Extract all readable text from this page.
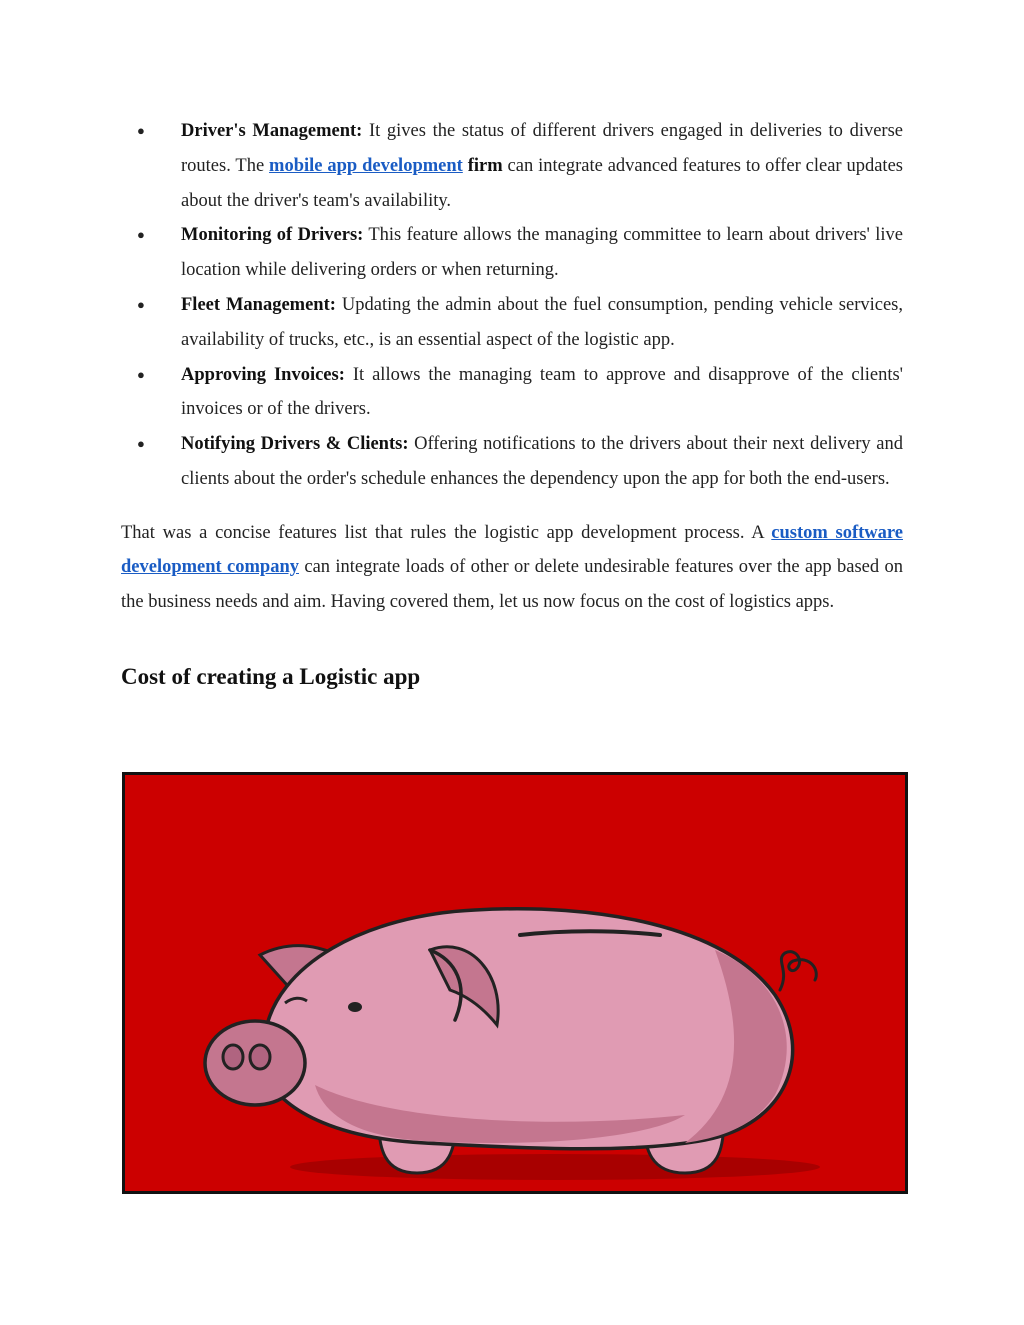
● Driver's Management: It gives the status of different drivers engaged in deliveries to diverse routes. The mobile app development firm can integrate advanced features to offer clear updates about the driver's team's availability.
● Monitoring of Drivers: This feature allows the managing committee to learn about drivers' live location while delivering orders or when returning.
● Fleet Management: Updating the admin about the fuel consumption, pending vehicle services, availability of trucks, etc., is an essential aspect of the logistic app.
● Approving Invoices: It allows the managing team to approve and disapprove of the clients' invoices or of the drivers.
● Notifying Drivers & Clients: Offering notifications to the drivers about their next delivery and clients about the order's schedule enhances the dependency upon the app for both the end-users.

That was a concise features list that rules the logistic app development process. A custom software development company can integrate loads of other or delete undesirable features over the app based on the business needs and aim. Having covered them, let us now focus on the cost of logistics apps.

Cost of creating a Logistic app
